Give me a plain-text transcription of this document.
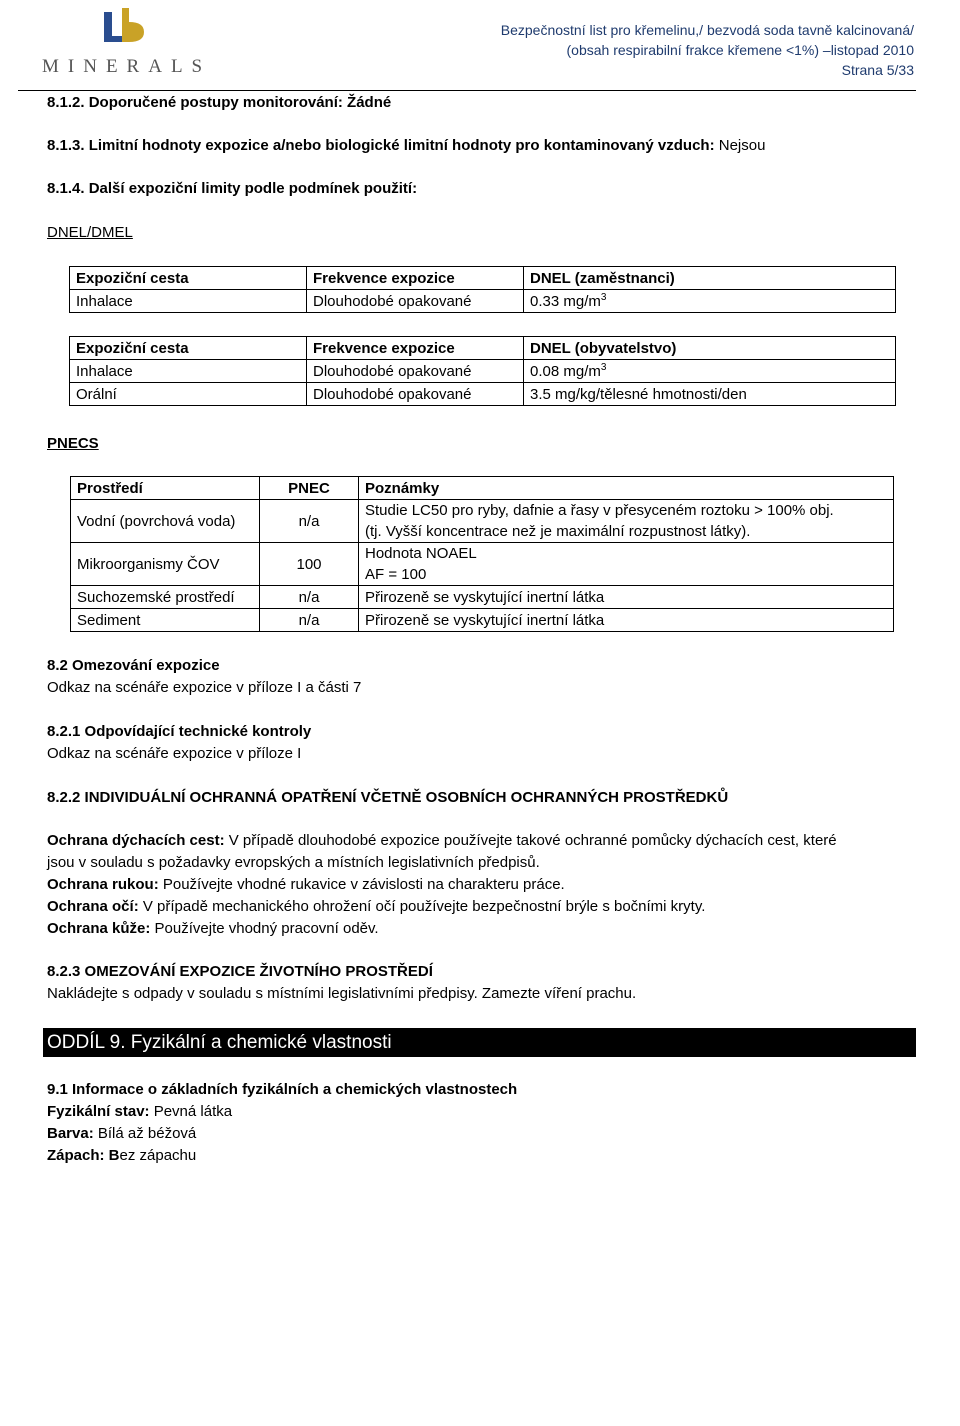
MINERALS
Bezpečnostní list pro křemelinu,/ bezvodá soda tavně kalcinovaná/
(obsah respirabilní frakce křemene <1%) –listopad 2010
Strana 5/33
8.1.2. Doporučené postupy monitorování: Žádné
8.1.3. Limitní hodnoty expozice a/nebo biologické limitní hodnoty pro kontaminovaný vzduch: Nejsou
8.1.4. Další expoziční limity podle podmínek použití:
DNEL/DMEL
Expoziční cesta	Frekvence expozice	DNEL (zaměstnanci)
Inhalace	Dlouhodobé opakované	0.33 $mg/m^3$
Expoziční cesta	Frekvence expozice	DNEL (obyvatelstvo)
Inhalace	Dlouhodobé opakované	0.08 $mg/m^3$
Orální	Dlouhodobé opakované	3.5 mg/kg/tělesné hmotnosti/den
PNECS
Prostředí	PNEC	Poznámky
Vodní (povrchová voda)	n/a	Studie LC50 pro ryby, dafnie a řasy v přesyceném roztoku > 100% obj.
(tj. Vyšší koncentrace než je maximální rozpustnost látky).

Mikroorganismy ČOV	100	Hodnota NOAEL
AF = 100

Suchozemské prostředí	n/a	Přirozeně se vyskytující inertní látka
Sediment	n/a	Přirozeně se vyskytující inertní látka
8.2 Omezování expozice
Odkaz na scénáře expozice v příloze I a části 7
8.2.1 Odpovídající technické kontroly
Odkaz na scénáře expozice v příloze I
8.2.2 INDIVIDUÁLNÍ OCHRANNÁ OPATŘENÍ VČETNĚ OSOBNÍCH OCHRANNÝCH PROSTŘEDKŮ
Ochrana dýchacích cest: V případě dlouhodobé expozice používejte takové ochranné pomůcky dýchacích cest, které
jsou v souladu s požadavky evropských a místních legislativních předpisů.
Ochrana rukou: Používejte vhodné rukavice v závislosti na charakteru práce.
Ochrana očí: V případě mechanického ohrožení očí používejte bezpečnostní brýle s bočními kryty.
Ochrana kůže: Používejte vhodný pracovní oděv.
8.2.3 OMEZOVÁNÍ EXPOZICE ŽIVOTNÍHO PROSTŘEDÍ
Nakládejte s odpady v souladu s místními legislativními předpisy. Zamezte víření prachu.
ODDÍL 9. Fyzikální a chemické vlastnosti
9.1 Informace o základních fyzikálních a chemických vlastnostech
Fyzikální stav: Pevná látka
Barva: Bílá až béžová
Zápach: Bez zápachu
